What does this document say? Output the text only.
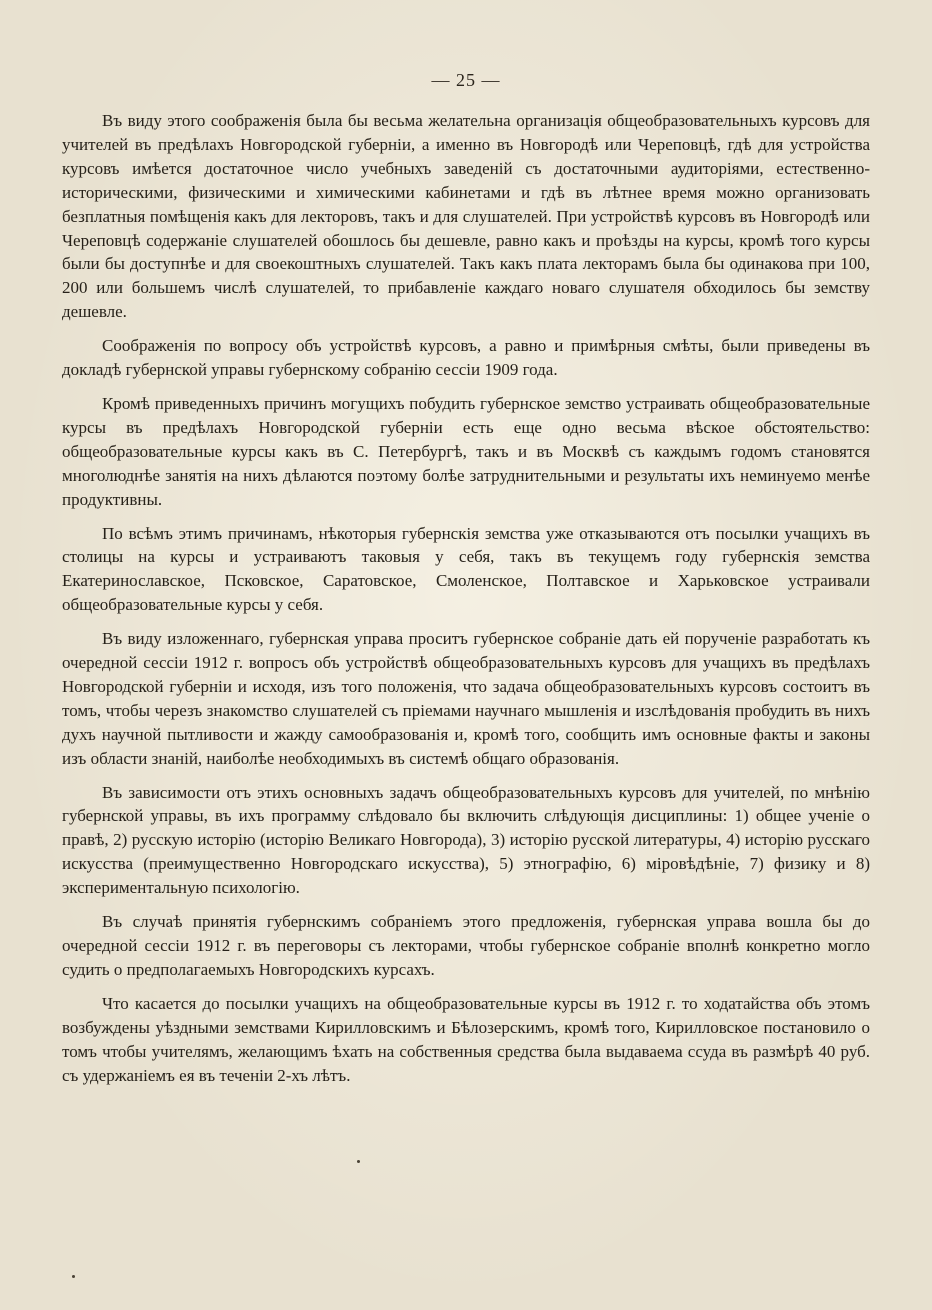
— 25 —

Въ виду этого соображенія была бы весьма желательна организація общеобразовательныхъ курсовъ для учителей въ предѣлахъ Новгородской губерніи, а именно въ Новгородѣ или Череповцѣ, гдѣ для устройства курсовъ имѣется достаточное число учебныхъ заведеній съ достаточными аудиторіями, естественно-историческими, физическими и химическими кабинетами и гдѣ въ лѣтнее время можно организовать безплатныя помѣщенія какъ для лекторовъ, такъ и для слушателей. При устройствѣ курсовъ въ Новгородѣ или Череповцѣ содержаніе слушателей обошлось бы дешевле, равно какъ и проѣзды на курсы, кромѣ того курсы были бы доступнѣе и для своекоштныхъ слушателей. Такъ какъ плата лекторамъ была бы одинакова при 100, 200 или большемъ числѣ слушателей, то прибавленіе каждаго новаго слушателя обходилось бы земству дешевле.

Соображенія по вопросу объ устройствѣ курсовъ, а равно и примѣрныя смѣты, были приведены въ докладѣ губернской управы губернскому собранію сессіи 1909 года.

Кромѣ приведенныхъ причинъ могущихъ побудить губернское земство устраивать общеобразовательные курсы въ предѣлахъ Новгородской губерніи есть еще одно весьма вѣское обстоятельство: общеобразовательные курсы какъ въ С. Петербургѣ, такъ и въ Москвѣ съ каждымъ годомъ становятся многолюднѣе занятія на нихъ дѣлаются поэтому болѣе затруднительными и результаты ихъ неминуемо менѣе продуктивны.

По всѣмъ этимъ причинамъ, нѣкоторыя губернскія земства уже отказываются отъ посылки учащихъ въ столицы на курсы и устраиваютъ таковыя у себя, такъ въ текущемъ году губернскія земства Екатеринославское, Псковское, Саратовское, Смоленское, Полтавское и Харьковское устраивали общеобразовательные курсы у себя.

Въ виду изложеннаго, губернская управа проситъ губернское собраніе дать ей порученіе разработать къ очередной сессіи 1912 г. вопросъ объ устройствѣ общеобразовательныхъ курсовъ для учащихъ въ предѣлахъ Новгородской губерніи и исходя, изъ того положенія, что задача общеобразовательныхъ курсовъ состоитъ въ томъ, чтобы черезъ знакомство слушателей съ пріемами научнаго мышленія и изслѣдованія пробудить въ нихъ духъ научной пытливости и жажду самообразованія и, кромѣ того, сообщить имъ основные факты и законы изъ области знаній, наиболѣе необходимыхъ въ системѣ общаго образованія.

Въ зависимости отъ этихъ основныхъ задачъ общеобразовательныхъ курсовъ для учителей, по мнѣнію губернской управы, въ ихъ программу слѣдовало бы включить слѣдующія дисциплины: 1) общее ученіе о правѣ, 2) русскую исторію (исторію Великаго Новгорода), 3) исторію русской литературы, 4) исторію русскаго искусства (преимущественно Новгородскаго искусства), 5) этнографію, 6) міровѣдѣніе, 7) физику и 8) экспериментальную психологію.

Въ случаѣ принятія губернскимъ собраніемъ этого предложенія, губернская управа вошла бы до очередной сессіи 1912 г. въ переговоры съ лекторами, чтобы губернское собраніе вполнѣ конкретно могло судить о предполагаемыхъ Новгородскихъ курсахъ.

Что касается до посылки учащихъ на общеобразовательные курсы въ 1912 г. то ходатайства объ этомъ возбуждены уѣздными земствами Кирилловскимъ и Бѣлозерскимъ, кромѣ того, Кирилловское постановило о томъ чтобы учителямъ, желающимъ ѣхать на собственныя средства была выдаваема ссуда въ размѣрѣ 40 руб. съ удержаніемъ ея въ теченіи 2-хъ лѣтъ.
